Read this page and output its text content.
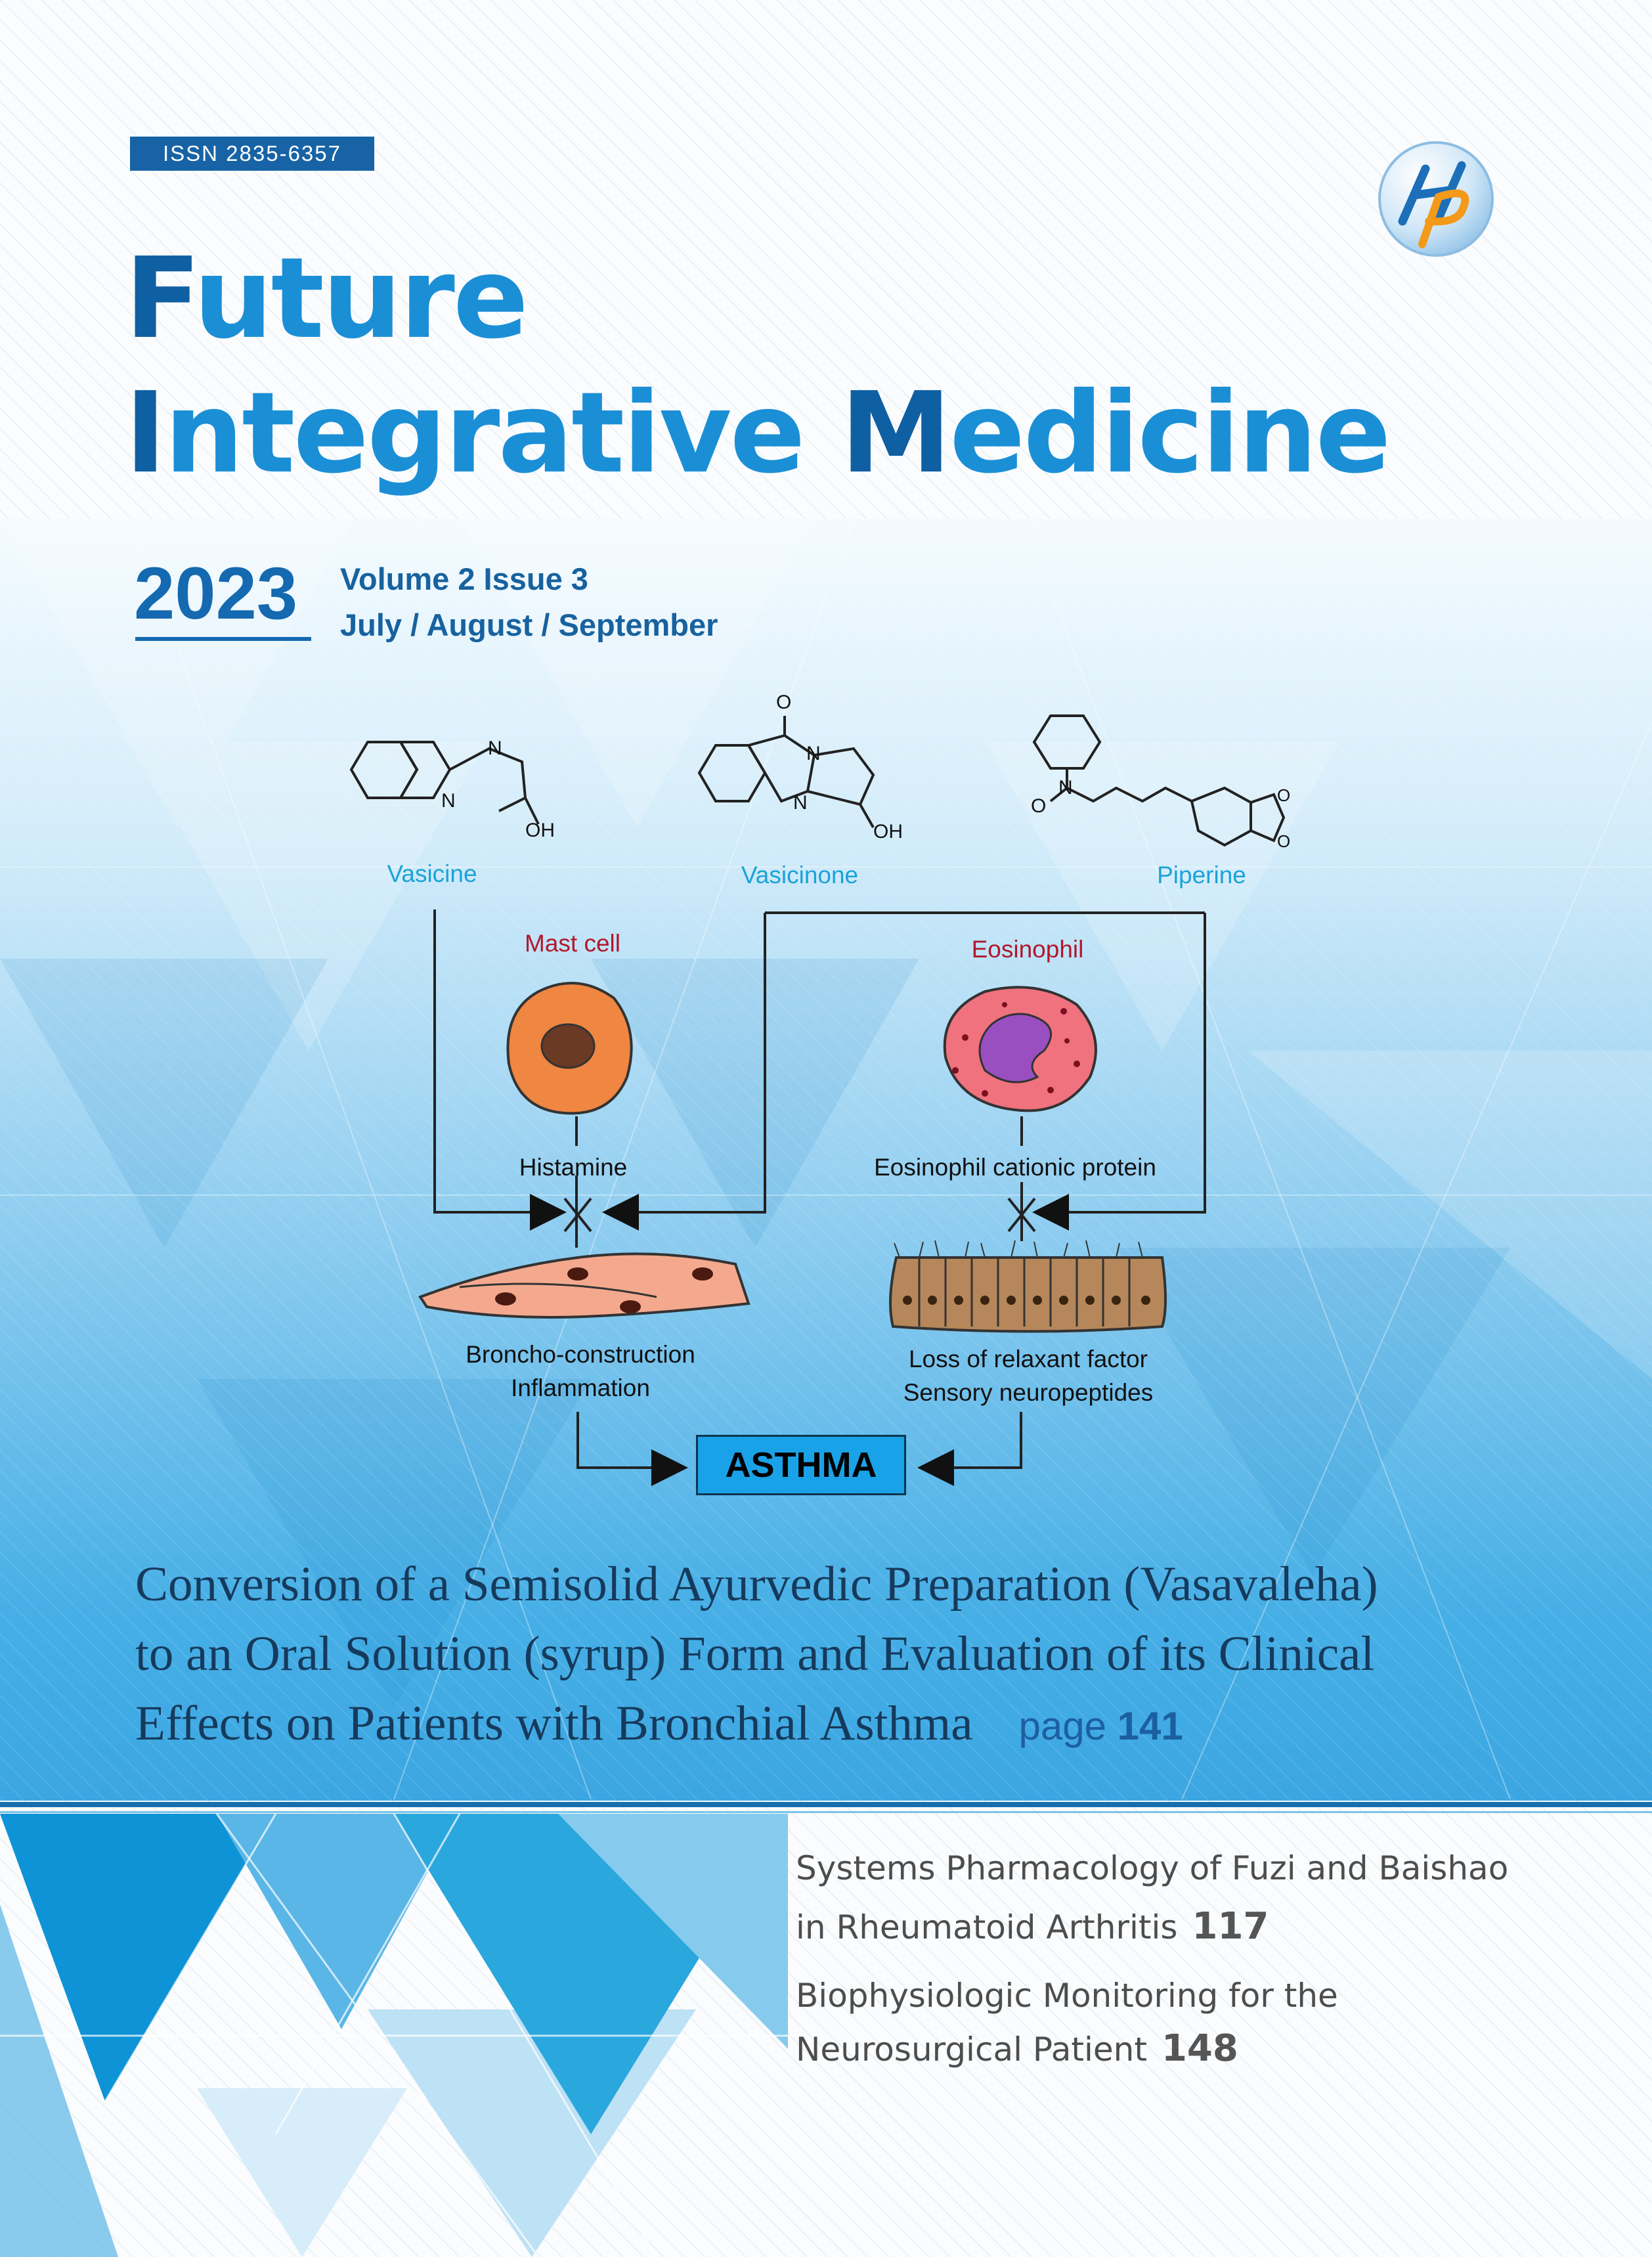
ISSN 2835-6357
Future
Integrative Medicine
2023 Volume 2 Issue 3
July / August / September
N
N
OH
O
N
N
OH
N
O	O
O
Vasicine	Vasicinone	Piperine
Mast cell	Eosinophil
Histamine	Eosinophil cationic protein
Broncho-construction
Inflammation
Loss of relaxant factor
Sensory neuropeptides
ASTHMA
Conversion of a Semisolid Ayurvedic Preparation (Vasavaleha)
to an Oral Solution (syrup) Form and Evaluation of its Clinical
Effects on Patients with Bronchial Asthma page 141
Systems Pharmacology of Fuzi and Baishao
in Rheumatoid Arthritis 117
Biophysiologic Monitoring for the
Neurosurgical Patient 148
